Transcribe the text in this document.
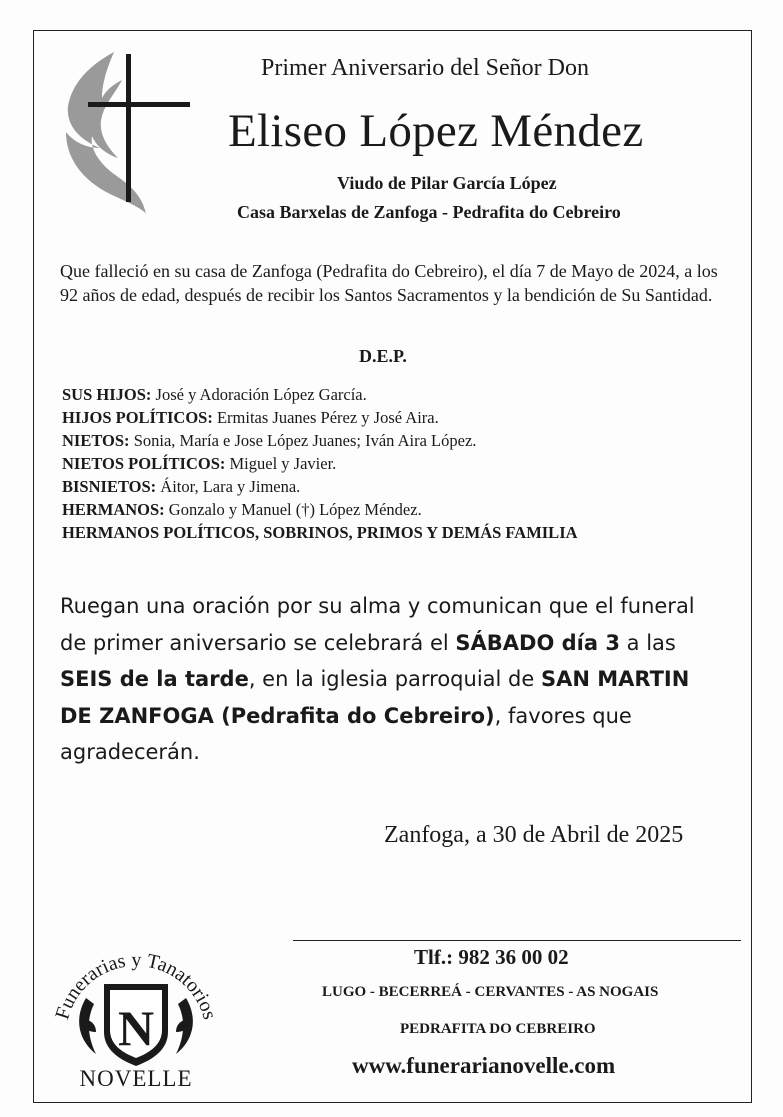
Primer Aniversario del Señor Don
Eliseo López Méndez
Viudo de Pilar García López
Casa Barxelas de Zanfoga - Pedrafita do Cebreiro
Que falleció en su casa de Zanfoga (Pedrafita do Cebreiro), el día 7 de Mayo de 2024, a los 92 años de edad, después de recibir los Santos Sacramentos y la bendición de Su Santidad.
D.E.P.
SUS HIJOS: José y Adoración López García.
HIJOS POLÍTICOS: Ermitas Juanes Pérez y José Aira.
NIETOS: Sonia, María e Jose López Juanes; Iván Aira López.
NIETOS POLÍTICOS: Miguel y Javier.
BISNIETOS: Áitor, Lara y Jimena.
HERMANOS: Gonzalo y Manuel (†) López Méndez.
HERMANOS POLÍTICOS, SOBRINOS, PRIMOS Y DEMÁS FAMILIA
Ruegan una oración por su alma y comunican que el funeral de primer aniversario se celebrará el SÁBADO día 3 a las SEIS de la tarde, en la iglesia parroquial de SAN MARTIN DE ZANFOGA (Pedrafita do Cebreiro), favores que agradecerán.
Zanfoga, a 30 de Abril de 2025
Funerarias y Tanatorios
N
NOVELLE
Tlf.: 982 36 00 02
LUGO - BECERREÁ - CERVANTES - AS NOGAIS
PEDRAFITA DO CEBREIRO
www.funerarianovelle.com
